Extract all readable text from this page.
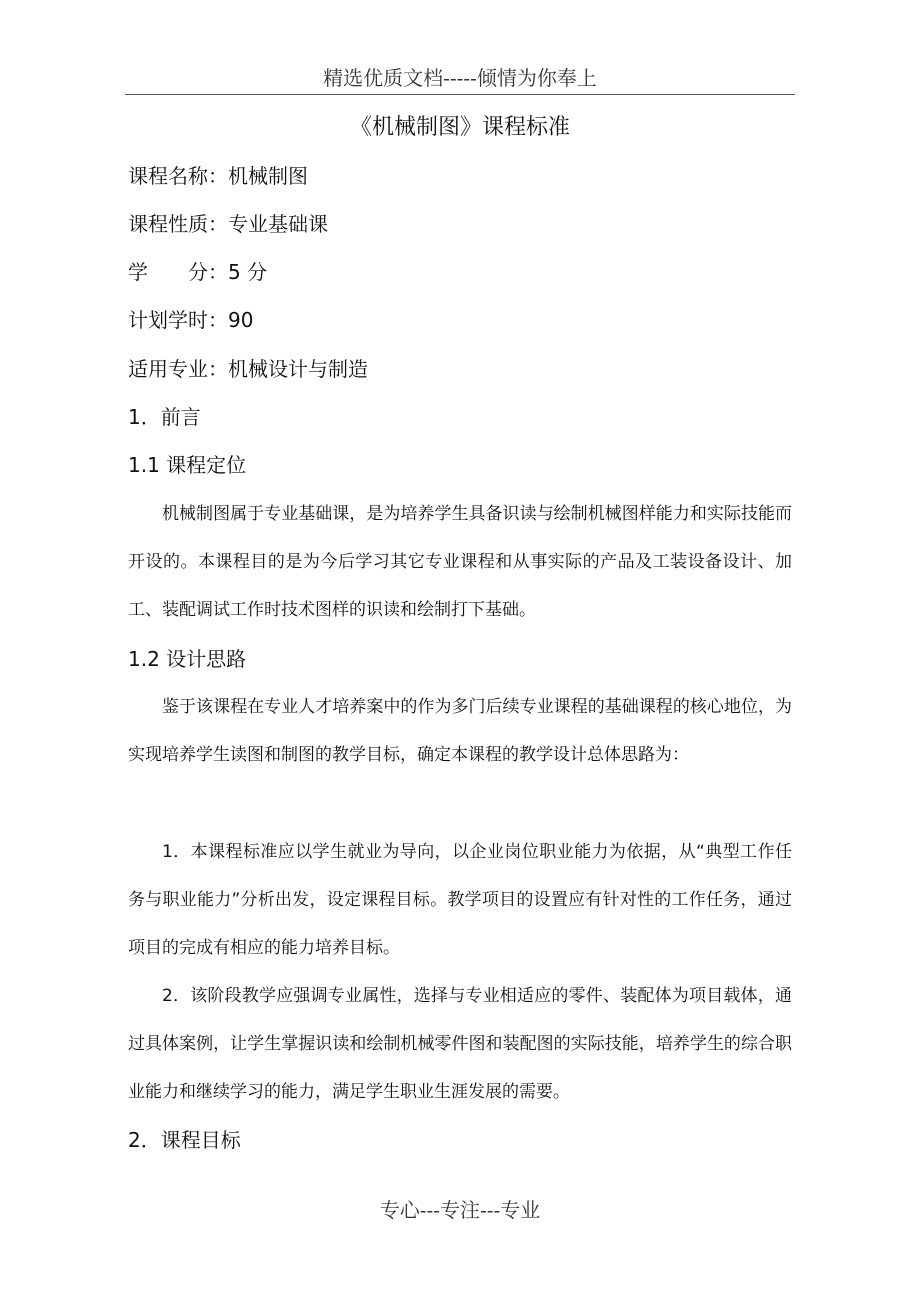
精选优质文档-----倾情为你奉上
《机械制图》课程标准
课程名称：机械制图
课程性质：专业基础课
学　　分：5 分
计划学时：90
适用专业：机械设计与制造
1．前言
1.1 课程定位
机械制图属于专业基础课，是为培养学生具备识读与绘制机械图样能力和实际技能而开设的。本课程目的是为今后学习其它专业课程和从事实际的产品及工装设备设计、加工、装配调试工作时技术图样的识读和绘制打下基础。
1.2 设计思路
鉴于该课程在专业人才培养案中的作为多门后续专业课程的基础课程的核心地位，为实现培养学生读图和制图的教学目标，确定本课程的教学设计总体思路为：
1．本课程标准应以学生就业为导向，以企业岗位职业能力为依据，从“典型工作任务与职业能力”分析出发，设定课程目标。教学项目的设置应有针对性的工作任务，通过项目的完成有相应的能力培养目标。
2．该阶段教学应强调专业属性，选择与专业相适应的零件、装配体为项目载体，通过具体案例，让学生掌握识读和绘制机械零件图和装配图的实际技能，培养学生的综合职业能力和继续学习的能力，满足学生职业生涯发展的需要。
2．课程目标
专心---专注---专业
